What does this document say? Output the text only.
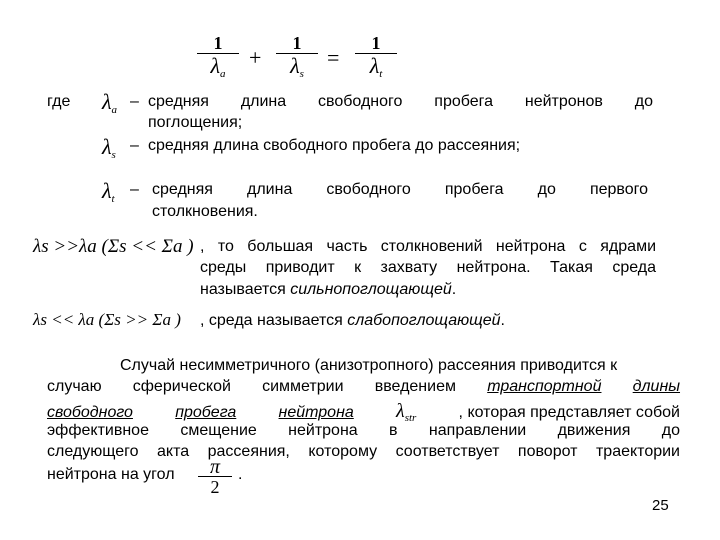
1
$\lambda_a$
+
1
$\lambda_s$
=
1
$\lambda_t$
где $\lambda_a$ – средняя длина свободного пробега нейтронов до
поглощения;
$\lambda_s$
– средняя длина свободного пробега до рассеяния;
$\lambda_t$
– средняя длина свободного пробега до первого
столкновения.
λs >>λa (Σs << Σa ) , то большая часть столкновений нейтрона с ядрами
среды приводит к захвату нейтрона. Такая среда
называется сильнопоглощающей.
λs << λa (Σs >> Σa ) , среда называется слабопоглощающей.
Случай несимметричного (анизотропного) рассеяния приводится к
случаю сферической симметрии введением транспортной длины
свободного	пробега	нейтрона $\lambda_{str}$	, которая представляет собой
эффективное смещение нейтрона в направлении движения до
следующего акта рассеяния, которому соответствует поворот траектории
нейтрона на угол π
2
.
25
